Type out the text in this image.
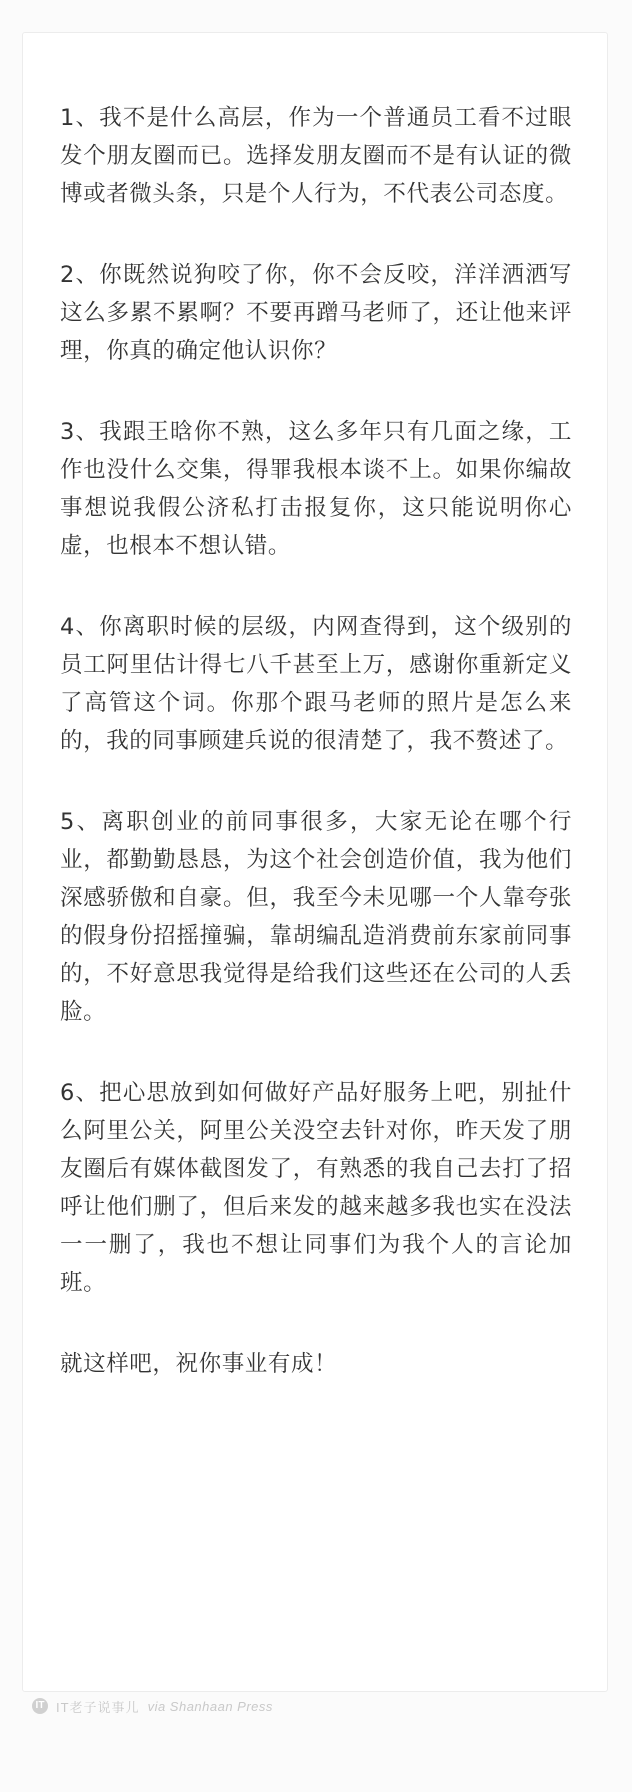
1、我不是什么高层，作为一个普通员工看不过眼发个朋友圈而已。选择发朋友圈而不是有认证的微博或者微头条，只是个人行为，不代表公司态度。

2、你既然说狗咬了你，你不会反咬，洋洋洒洒写这么多累不累啊？不要再蹭马老师了，还让他来评理，你真的确定他认识你？

3、我跟王晗你不熟，这么多年只有几面之缘，工作也没什么交集，得罪我根本谈不上。如果你编故事想说我假公济私打击报复你，这只能说明你心虚，也根本不想认错。

4、你离职时候的层级，内网查得到，这个级别的员工阿里估计得七八千甚至上万，感谢你重新定义了高管这个词。你那个跟马老师的照片是怎么来的，我的同事顾建兵说的很清楚了，我不赘述了。

5、离职创业的前同事很多，大家无论在哪个行业，都勤勤恳恳，为这个社会创造价值，我为他们深感骄傲和自豪。但，我至今未见哪一个人靠夸张的假身份招摇撞骗，靠胡编乱造消费前东家前同事的，不好意思我觉得是给我们这些还在公司的人丢脸。

6、把心思放到如何做好产品好服务上吧，别扯什么阿里公关，阿里公关没空去针对你，昨天发了朋友圈后有媒体截图发了，有熟悉的我自己去打了招呼让他们删了，但后来发的越来越多我也实在没法一一删了，我也不想让同事们为我个人的言论加班。

就这样吧，祝你事业有成！

IT IT老子说事儿 via Shanhaan Press
